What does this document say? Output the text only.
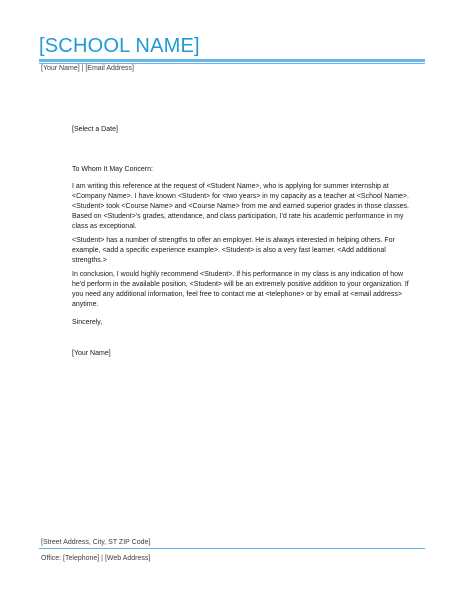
[SCHOOL NAME]
[Your Name] | [Email Address]
[Select a Date]
To Whom It May Concern:
I am writing this reference at the request of <Student Name>, who is applying for summer internship at <Company Name>. I have known <Student> for <two years> in my capacity as a teacher at <School Name>. <Student> took <Course Name> and <Course Name> from me and earned superior grades in those classes. Based on <Student>'s grades, attendance, and class participation, I'd rate his academic performance in my class as exceptional.
<Student> has a number of strengths to offer an employer. He is always interested in helping others. For example, <add a specific experience example>. <Student> is also a very fast learner. <Add additional strengths.>
In conclusion, I would highly recommend <Student>. If his performance in my class is any indication of how he'd perform in the available position, <Student> will be an extremely positive addition to your organization. If you need any additional information, feel free to contact me at <telephone> or by email at <email address> anytime.
Sincerely,
[Your Name]
[Street Address, City, ST ZIP Code]
Office: [Telephone] | [Web Address]
